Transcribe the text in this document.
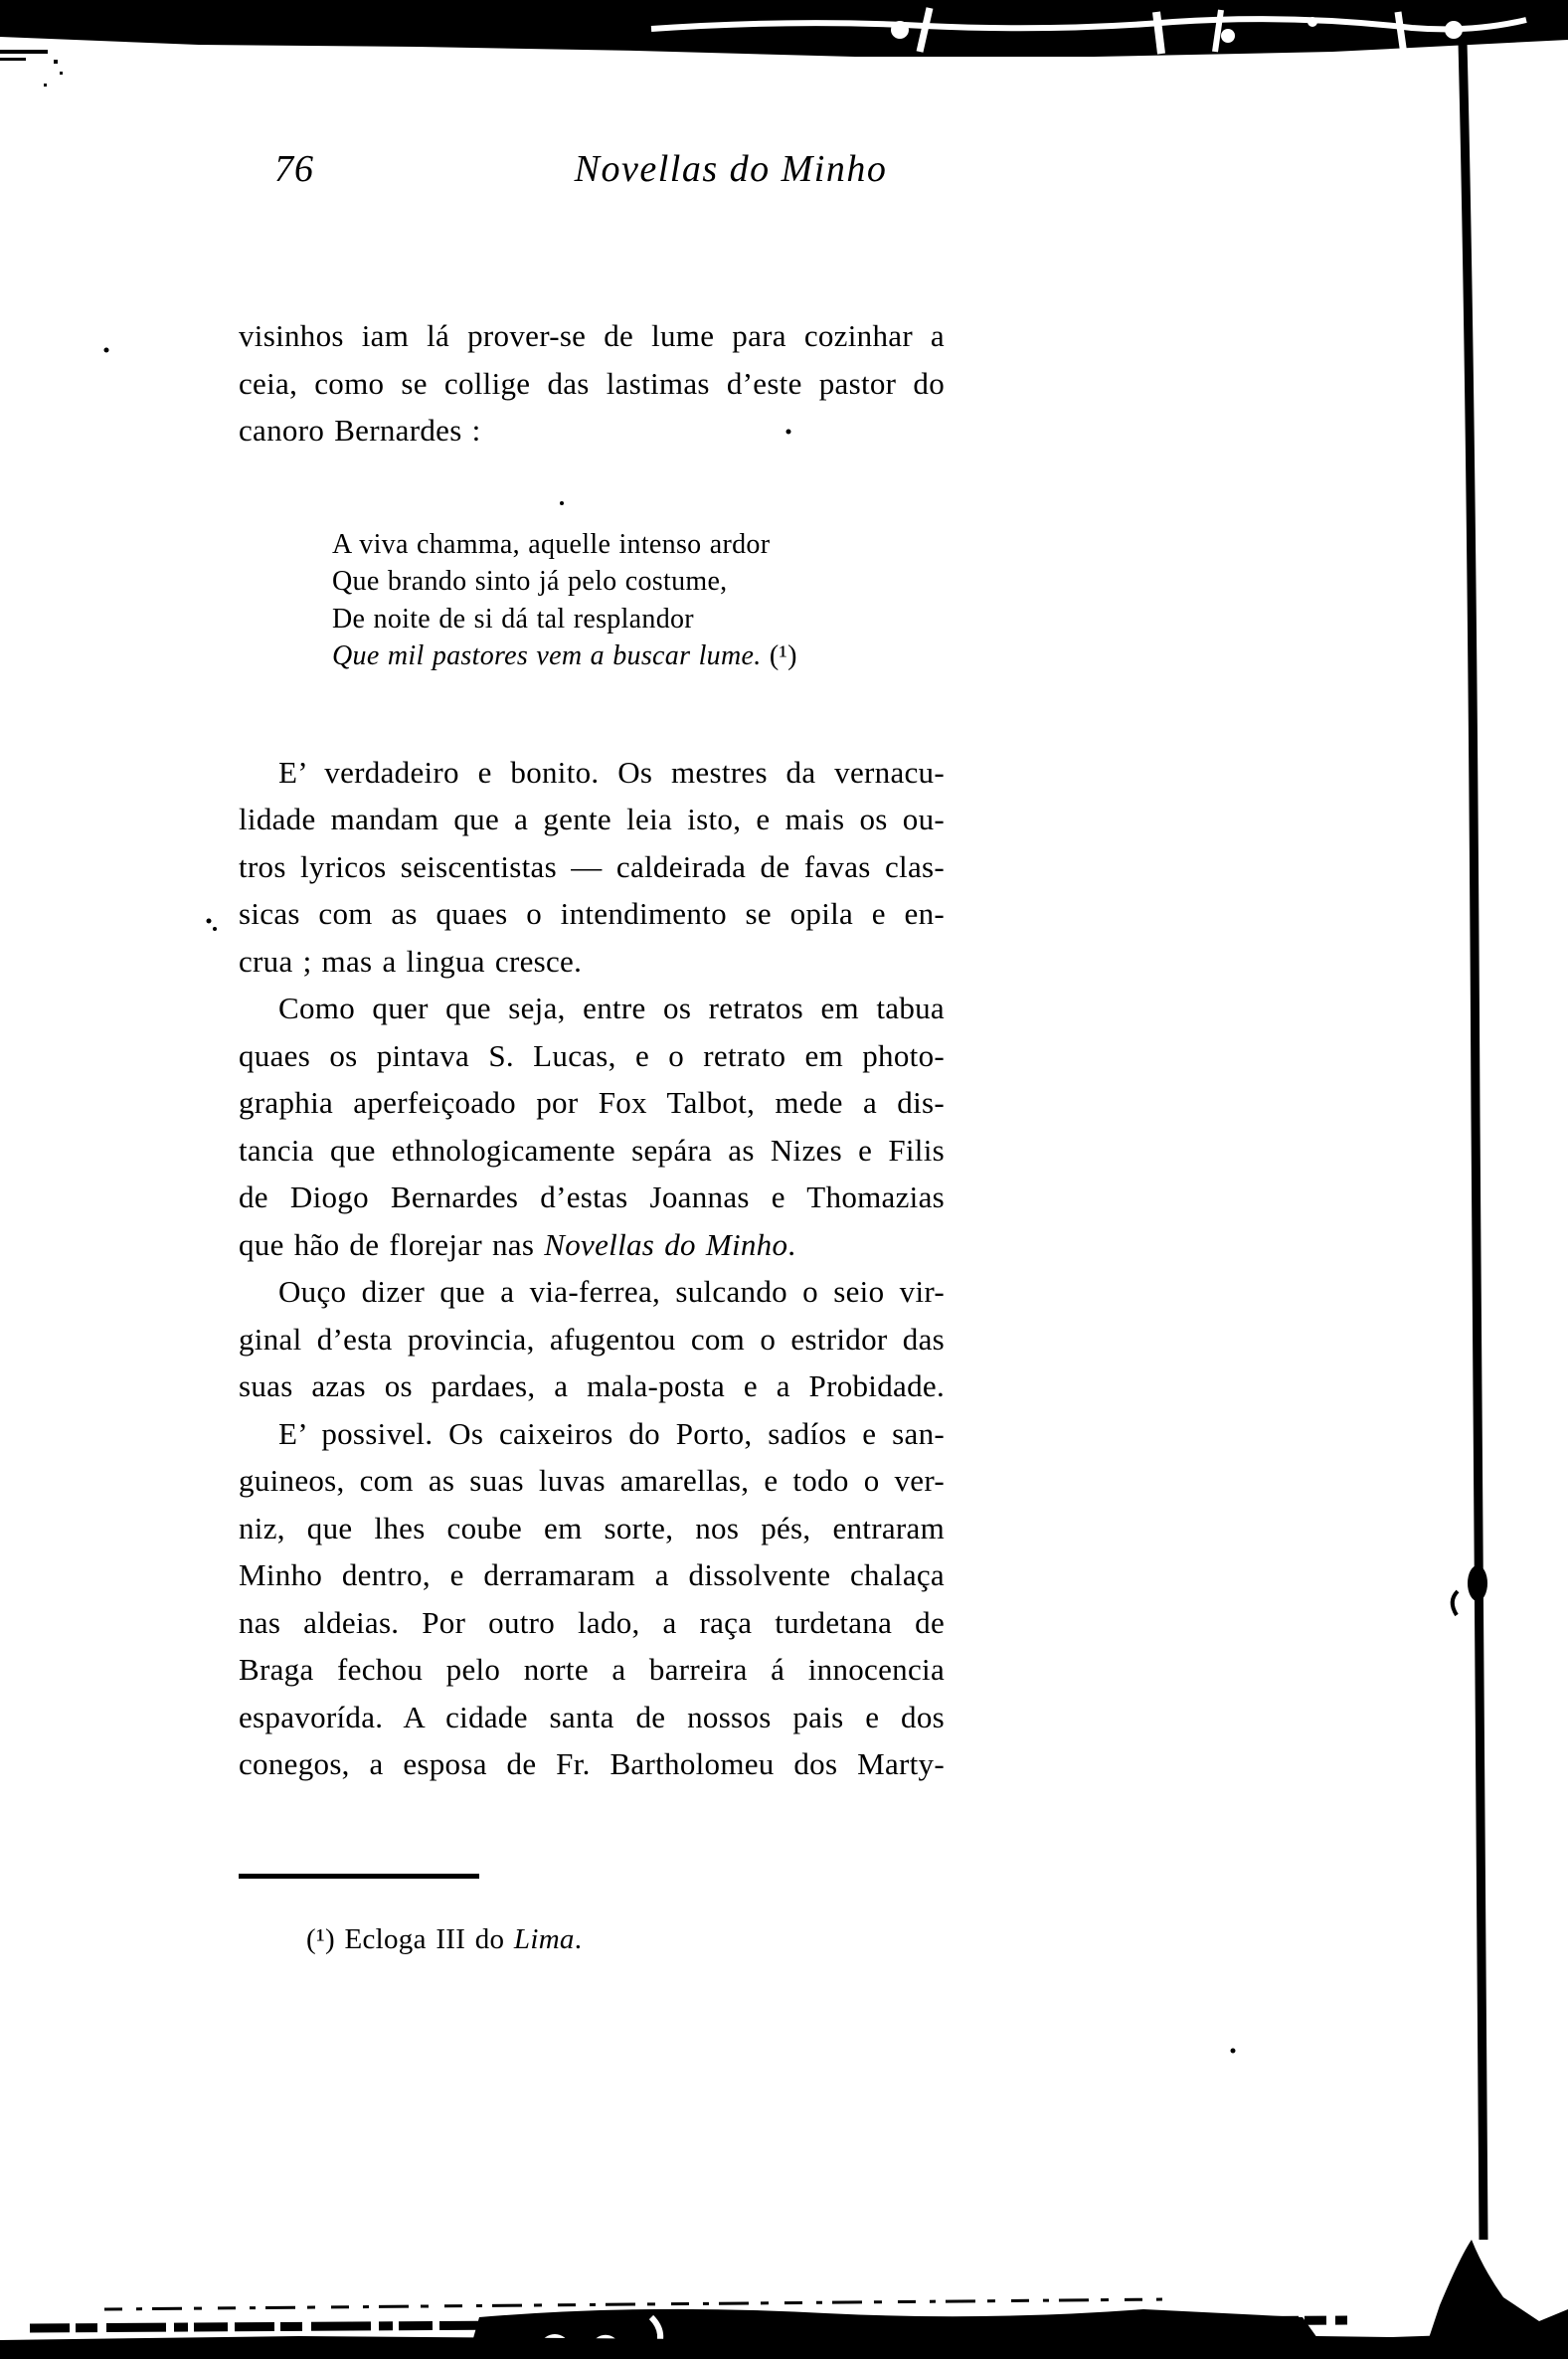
76	Novellas do Minho
visinhos iam lá prover-se de lume para cozinhar a
ceia, como se collige das lastimas d’este pastor do
canoro Bernardes :
A viva chamma, aquelle intenso ardor
Que brando sinto já pelo costume,
De noite de si dá tal resplandor
Que mil pastores vem a buscar lume. (¹)
E’ verdadeiro e bonito. Os mestres da vernacu-
lidade mandam que a gente leia isto, e mais os ou-
tros lyricos seiscentistas — caldeirada de favas clas-
sicas com as quaes o intendimento se opila e en-
crua ; mas a lingua cresce.
Como quer que seja, entre os retratos em tabua
quaes os pintava S. Lucas, e o retrato em photo-
graphia aperfeiçoado por Fox Talbot, mede a dis-
tancia que ethnologicamente sepára as Nizes e Filis
de Diogo Bernardes d’estas Joannas e Thomazias
que hão de florejar nas Novellas do Minho.
Ouço dizer que a via-ferrea, sulcando o seio vir-
ginal d’esta provincia, afugentou com o estridor das
suas azas os pardaes, a mala-posta e a Probidade.
E’ possivel. Os caixeiros do Porto, sadíos e san-
guineos, com as suas luvas amarellas, e todo o ver-
niz, que lhes coube em sorte, nos pés, entraram
Minho dentro, e derramaram a dissolvente chalaça
nas aldeias. Por outro lado, a raça turdetana de
Braga fechou pelo norte a barreira á innocencia
espavorída. A cidade santa de nossos pais e dos
conegos, a esposa de Fr. Bartholomeu dos Marty-
(¹) Ecloga III do Lima.
